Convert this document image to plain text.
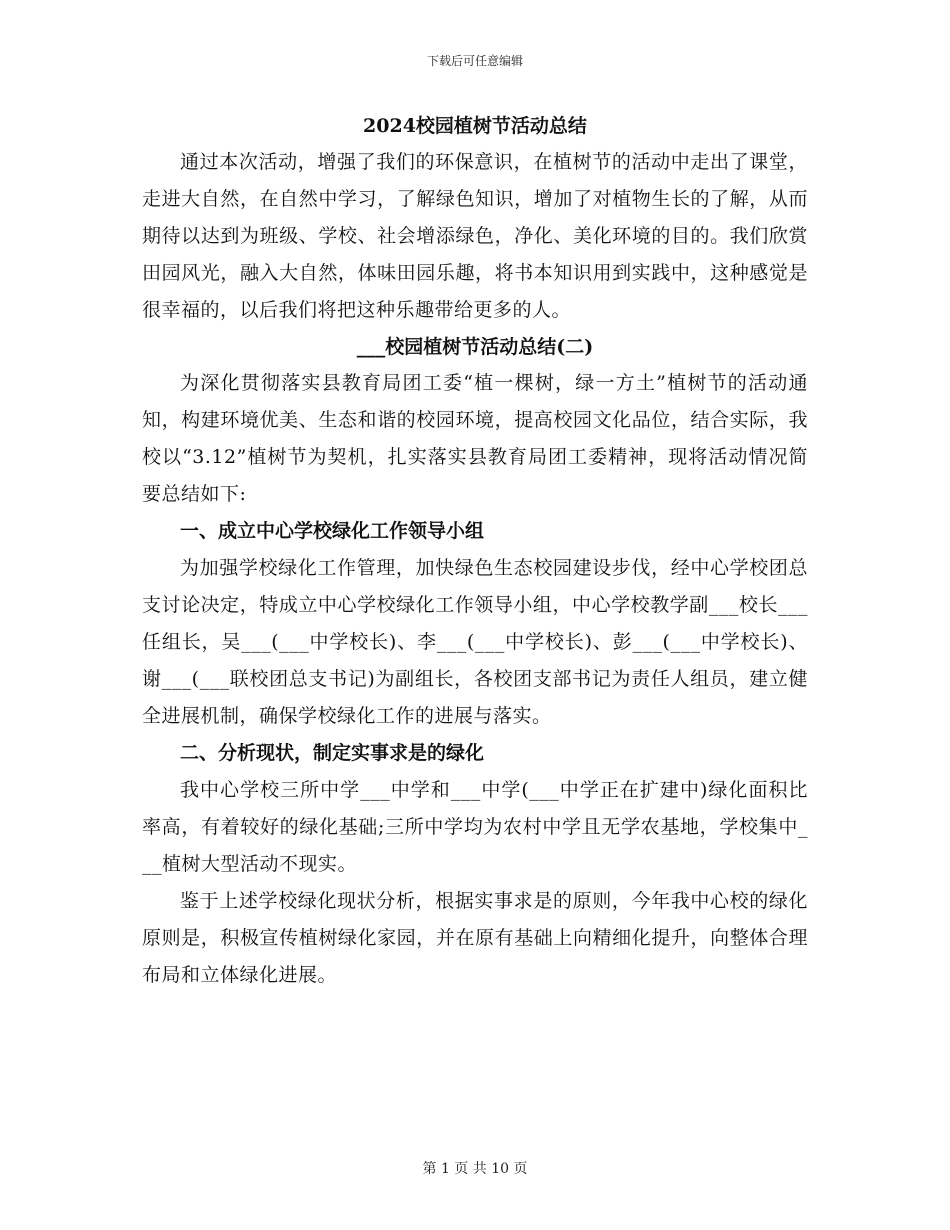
下载后可任意编辑

2024校园植树节活动总结

通过本次活动，增强了我们的环保意识，在植树节的活动中走出了课堂，走进大自然，在自然中学习，了解绿色知识，增加了对植物生长的了解，从而期待以达到为班级、学校、社会增添绿色，净化、美化环境的目的。我们欣赏田园风光，融入大自然，体味田园乐趣，将书本知识用到实践中，这种感觉是很幸福的，以后我们将把这种乐趣带给更多的人。

___校园植树节活动总结(二)

为深化贯彻落实县教育局团工委“植一棵树，绿一方土”植树节的活动通知，构建环境优美、生态和谐的校园环境，提高校园文化品位，结合实际，我校以“3.12”植树节为契机，扎实落实县教育局团工委精神，现将活动情况简要总结如下:

一、成立中心学校绿化工作领导小组

为加强学校绿化工作管理，加快绿色生态校园建设步伐，经中心学校团总支讨论决定，特成立中心学校绿化工作领导小组，中心学校教学副___校长___任组长，吴___(___中学校长)、李___(___中学校长)、彭___(___中学校长)、谢___(___联校团总支书记)为副组长，各校团支部书记为责任人组员，建立健全进展机制，确保学校绿化工作的进展与落实。

二、分析现状，制定实事求是的绿化

我中心学校三所中学___中学和___中学(___中学正在扩建中)绿化面积比率高，有着较好的绿化基础;三所中学均为农村中学且无学农基地，学校集中___植树大型活动不现实。

鉴于上述学校绿化现状分析，根据实事求是的原则，今年我中心校的绿化原则是，积极宣传植树绿化家园，并在原有基础上向精细化提升，向整体合理布局和立体绿化进展。

第 1 页 共 10 页
